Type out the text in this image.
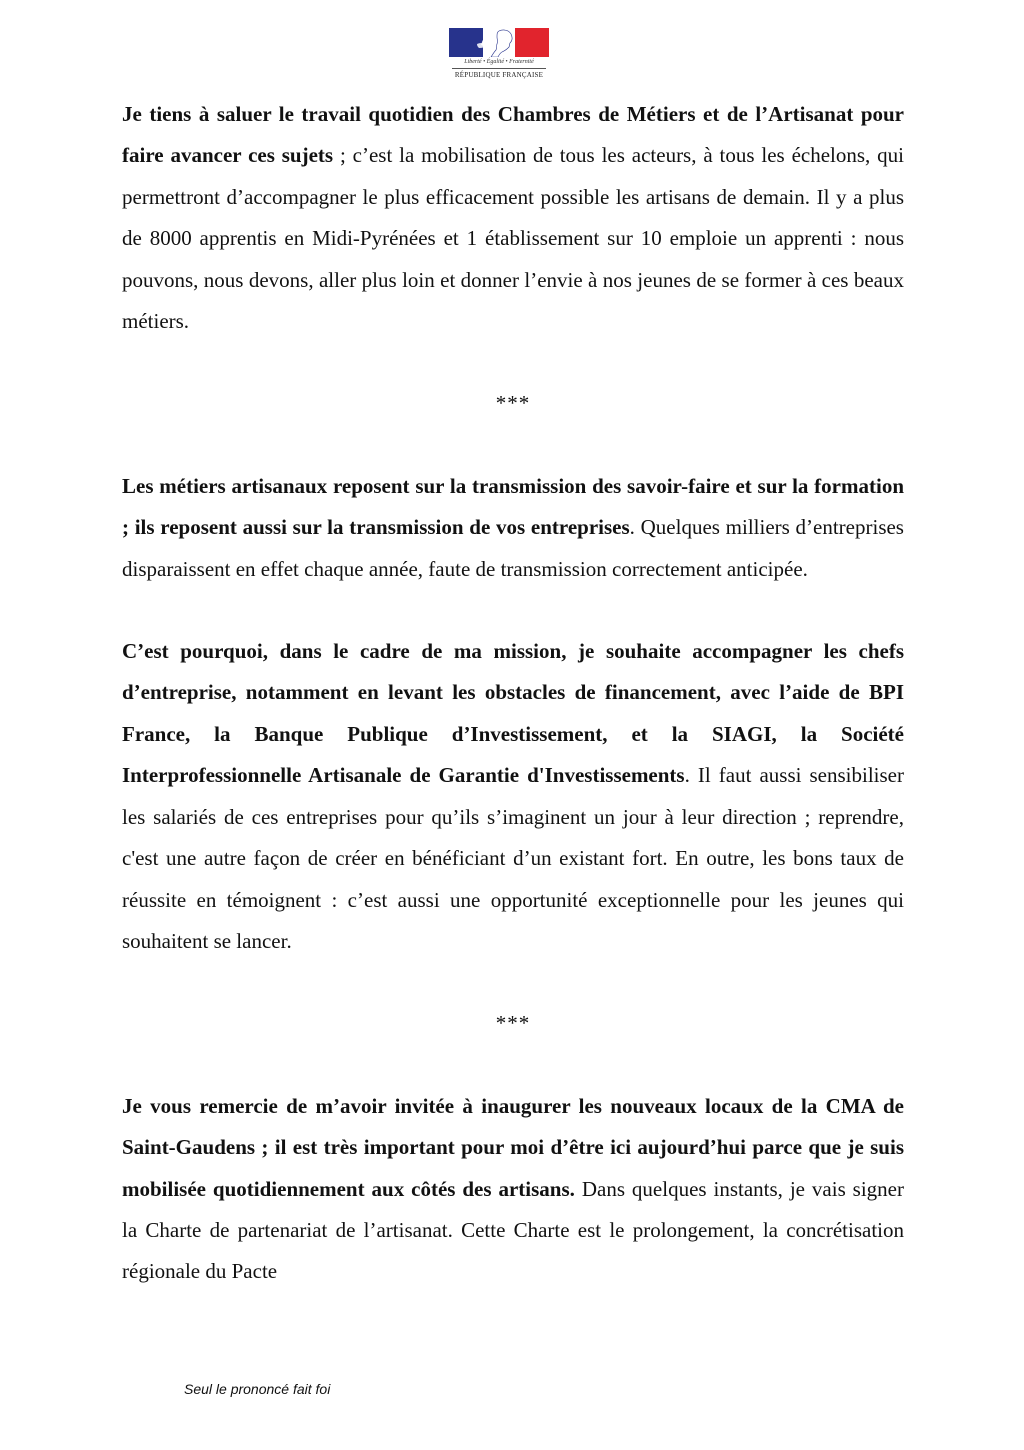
Liberté • Égalité • Fraternité
RÉPUBLIQUE FRANÇAISE

Je tiens à saluer le travail quotidien des Chambres de Métiers et de l’Artisanat pour faire avancer ces sujets ; c’est la mobilisation de tous les acteurs, à tous les échelons, qui permettront d’accompagner le plus efficacement possible les artisans de demain. Il y a plus de 8000 apprentis en Midi-Pyrénées et 1 établissement sur 10 emploie un apprenti : nous pouvons, nous devons, aller plus loin et donner l’envie à nos jeunes de se former à ces beaux métiers.

***

Les métiers artisanaux reposent sur la transmission des savoir-faire et sur la formation ; ils reposent aussi sur la transmission de vos entreprises. Quelques milliers d’entreprises disparaissent en effet chaque année, faute de transmission correctement anticipée.

C’est pourquoi, dans le cadre de ma mission, je souhaite accompagner les chefs d’entreprise, notamment en levant les obstacles de financement, avec l’aide de BPI France, la Banque Publique d’Investissement, et la SIAGI, la Société Interprofessionnelle Artisanale de Garantie d'Investissements. Il faut aussi sensibiliser les salariés de ces entreprises pour qu’ils s’imaginent un jour à leur direction ; reprendre, c'est une autre façon de créer en bénéficiant d’un existant fort. En outre, les bons taux de réussite en témoignent : c’est aussi une opportunité exceptionnelle pour les jeunes qui souhaitent se lancer.

***

Je vous remercie de m’avoir invitée à inaugurer les nouveaux locaux de la CMA de Saint-Gaudens ; il est très important pour moi d’être ici aujourd’hui parce que je suis mobilisée quotidiennement aux côtés des artisans. Dans quelques instants, je vais signer la Charte de partenariat de l’artisanat. Cette Charte est le prolongement, la concrétisation régionale du Pacte

Seul le prononcé fait foi
